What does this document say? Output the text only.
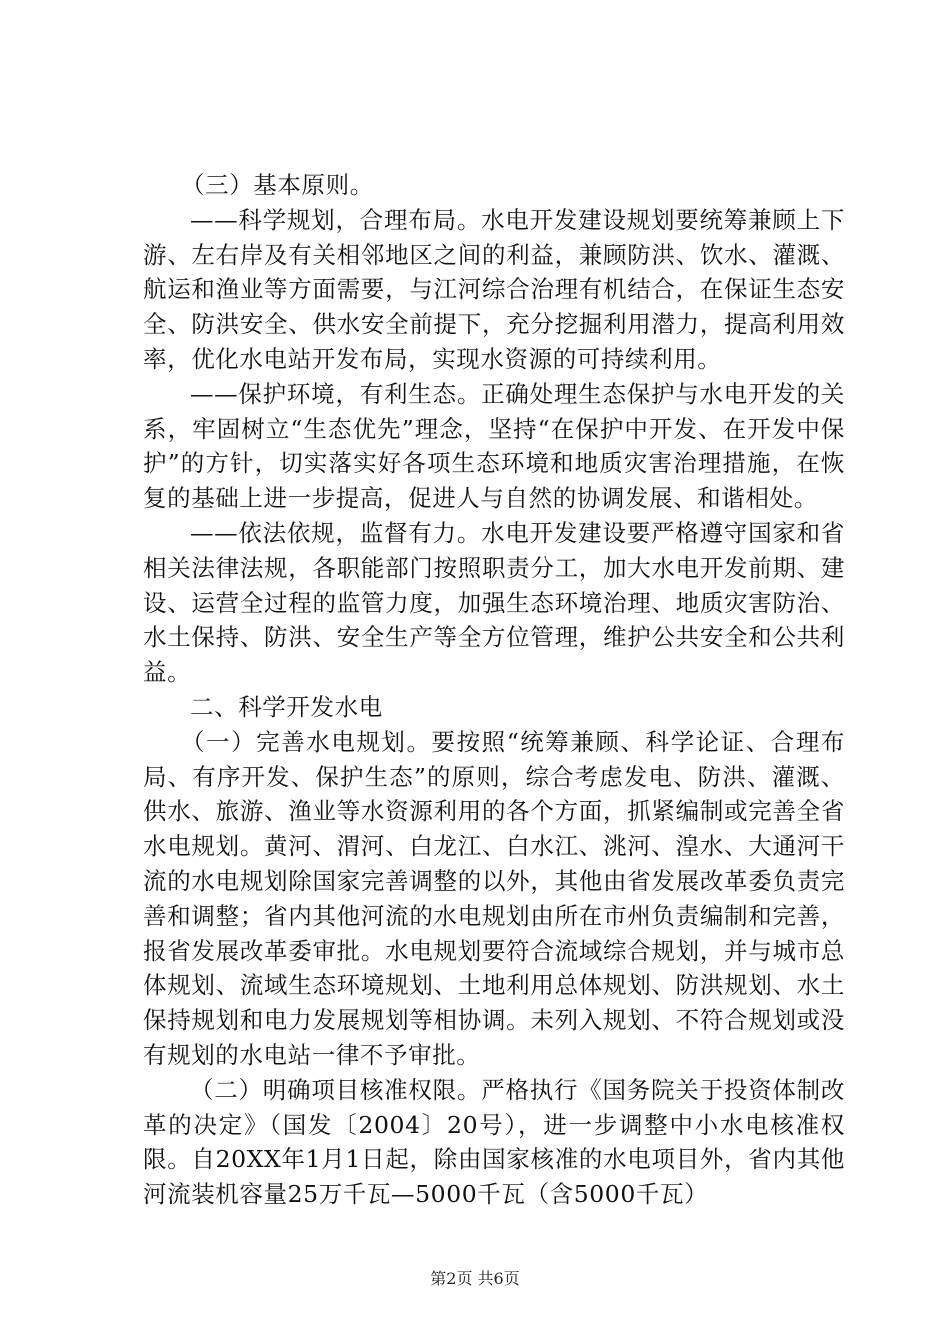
（三）基本原则。

——科学规划，合理布局。水电开发建设规划要统筹兼顾上下游、左右岸及有关相邻地区之间的利益，兼顾防洪、饮水、灌溉、航运和渔业等方面需要，与江河综合治理有机结合，在保证生态安全、防洪安全、供水安全前提下，充分挖掘利用潜力，提高利用效率，优化水电站开发布局，实现水资源的可持续利用。

——保护环境，有利生态。正确处理生态保护与水电开发的关系，牢固树立“生态优先”理念，坚持“在保护中开发、在开发中保护”的方针，切实落实好各项生态环境和地质灾害治理措施，在恢复的基础上进一步提高，促进人与自然的协调发展、和谐相处。

——依法依规，监督有力。水电开发建设要严格遵守国家和省相关法律法规，各职能部门按照职责分工，加大水电开发前期、建设、运营全过程的监管力度，加强生态环境治理、地质灾害防治、水土保持、防洪、安全生产等全方位管理，维护公共安全和公共利益。

二、科学开发水电

（一）完善水电规划。要按照“统筹兼顾、科学论证、合理布局、有序开发、保护生态”的原则，综合考虑发电、防洪、灌溉、供水、旅游、渔业等水资源利用的各个方面，抓紧编制或完善全省水电规划。黄河、渭河、白龙江、白水江、洮河、湟水、大通河干流的水电规划除国家完善调整的以外，其他由省发展改革委负责完善和调整；省内其他河流的水电规划由所在市州负责编制和完善，报省发展改革委审批。水电规划要符合流域综合规划，并与城市总体规划、流域生态环境规划、土地利用总体规划、防洪规划、水土保持规划和电力发展规划等相协调。未列入规划、不符合规划或没有规划的水电站一律不予审批。

（二）明确项目核准权限。严格执行《国务院关于投资体制改革的决定》（国发〔2004〕20号），进一步调整中小水电核准权限。自20XX年1月1日起，除由国家核准的水电项目外，省内其他河流装机容量25万千瓦—5000千瓦（含5000千瓦）

第2页 共6页
